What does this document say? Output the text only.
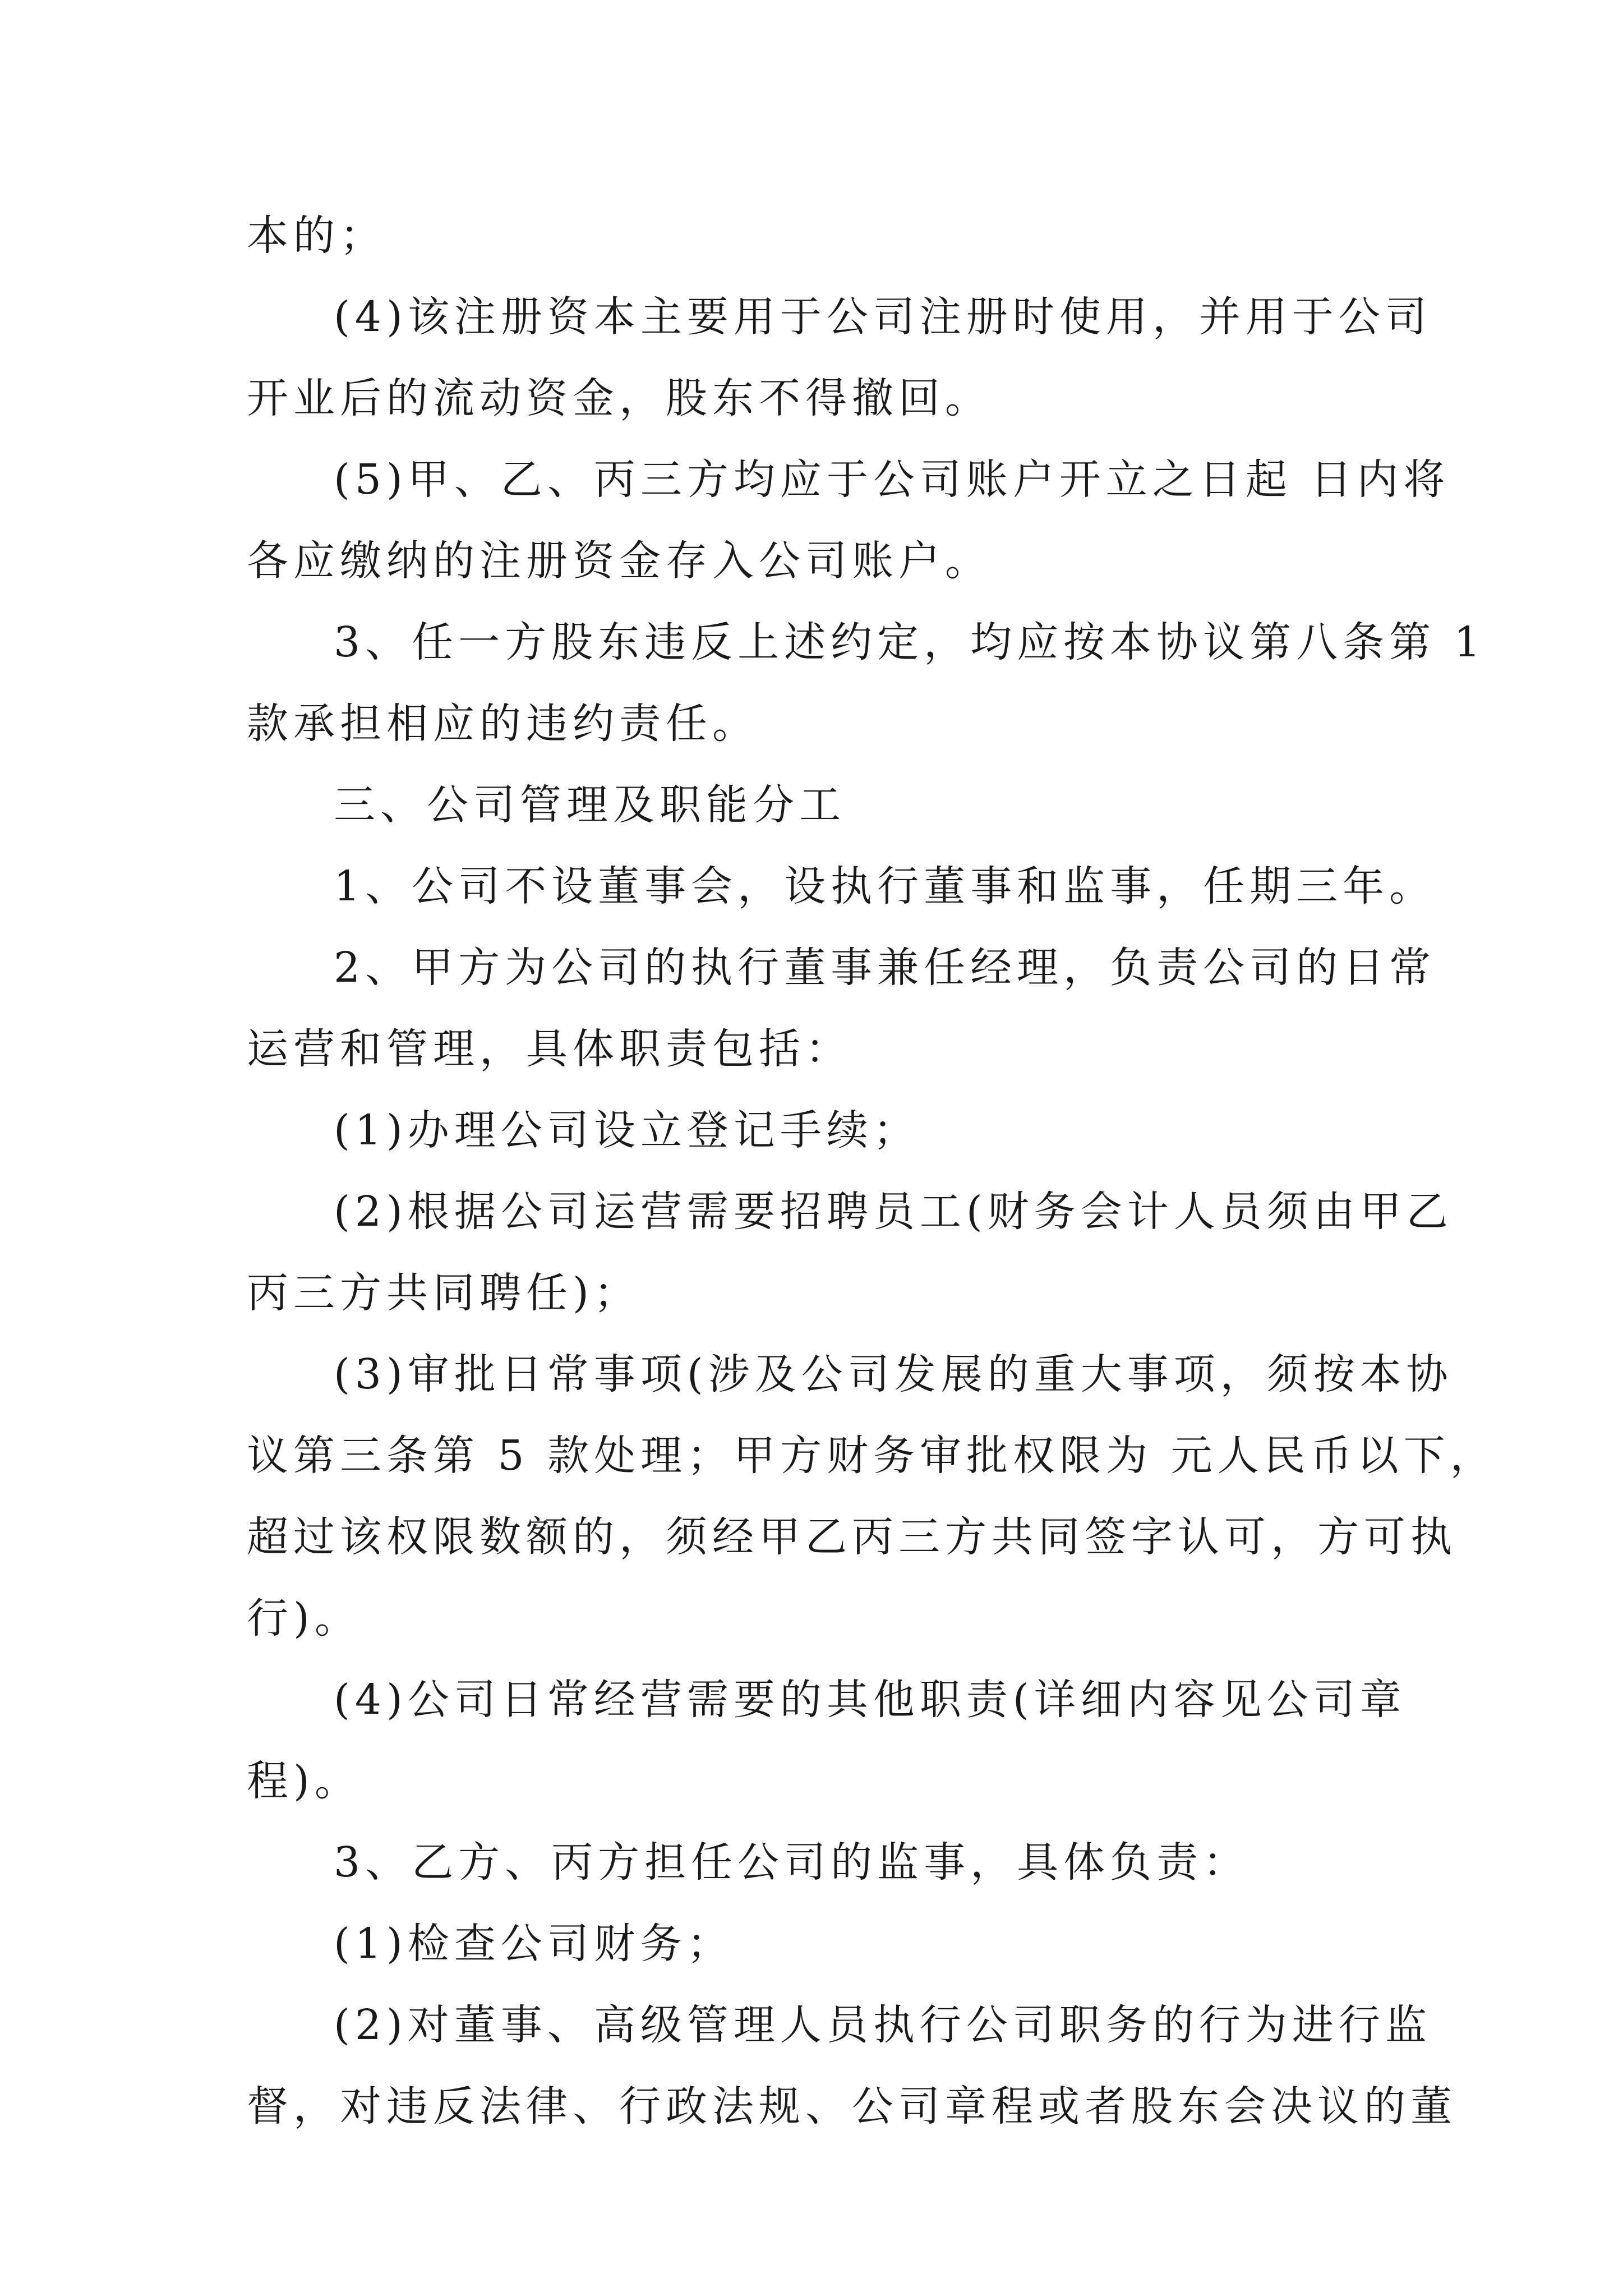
本的；
(4)该注册资本主要用于公司注册时使用，并用于公司
开业后的流动资金，股东不得撤回。
(5)甲、乙、丙三方均应于公司账户开立之日起 日内将
各应缴纳的注册资金存入公司账户。
3、任一方股东违反上述约定，均应按本协议第八条第 1
款承担相应的违约责任。
三、公司管理及职能分工
1、公司不设董事会，设执行董事和监事，任期三年。
2、甲方为公司的执行董事兼任经理，负责公司的日常
运营和管理，具体职责包括：
(1)办理公司设立登记手续；
(2)根据公司运营需要招聘员工(财务会计人员须由甲乙
丙三方共同聘任)；
(3)审批日常事项(涉及公司发展的重大事项，须按本协
议第三条第 5 款处理；甲方财务审批权限为 元人民币以下，
超过该权限数额的，须经甲乙丙三方共同签字认可，方可执
行)。
(4)公司日常经营需要的其他职责(详细内容见公司章
程)。
3、乙方、丙方担任公司的监事，具体负责：
(1)检查公司财务；
(2)对董事、高级管理人员执行公司职务的行为进行监
督，对违反法律、行政法规、公司章程或者股东会决议的董
